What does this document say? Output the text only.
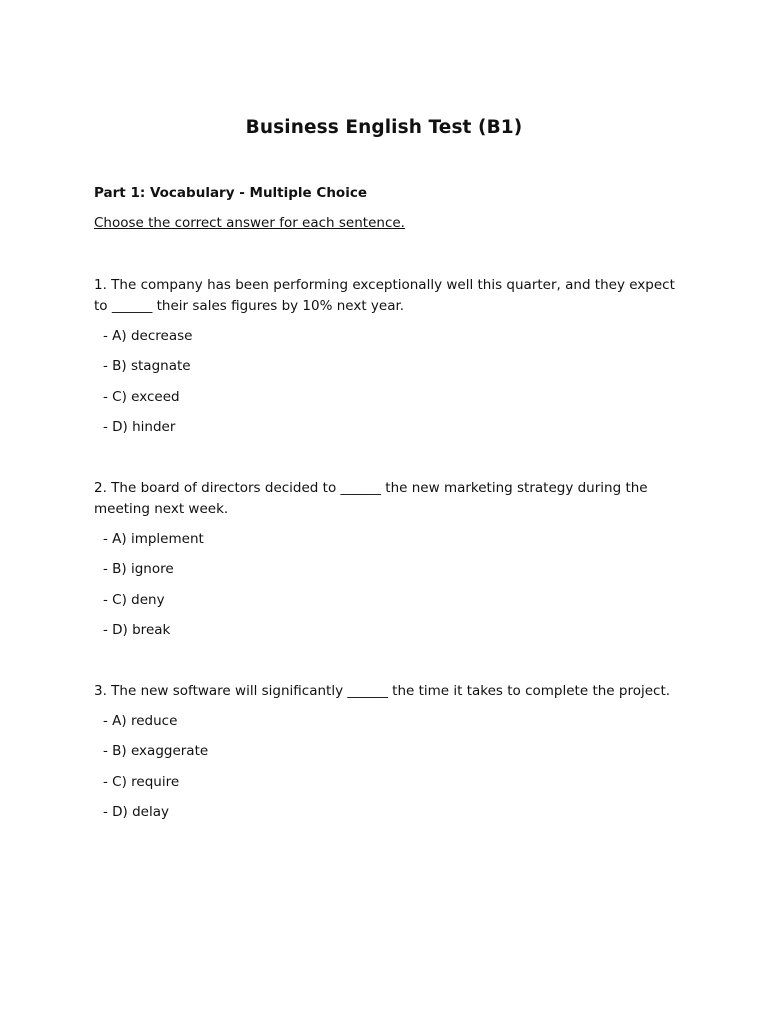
Business English Test (B1)
Part 1: Vocabulary - Multiple Choice
Choose the correct answer for each sentence.
1. The company has been performing exceptionally well this quarter, and they expect to ______ their sales figures by 10% next year.
- A) decrease
- B) stagnate
- C) exceed
- D) hinder
2. The board of directors decided to ______ the new marketing strategy during the meeting next week.
- A) implement
- B) ignore
- C) deny
- D) break
3. The new software will significantly ______ the time it takes to complete the project.
- A) reduce
- B) exaggerate
- C) require
- D) delay
